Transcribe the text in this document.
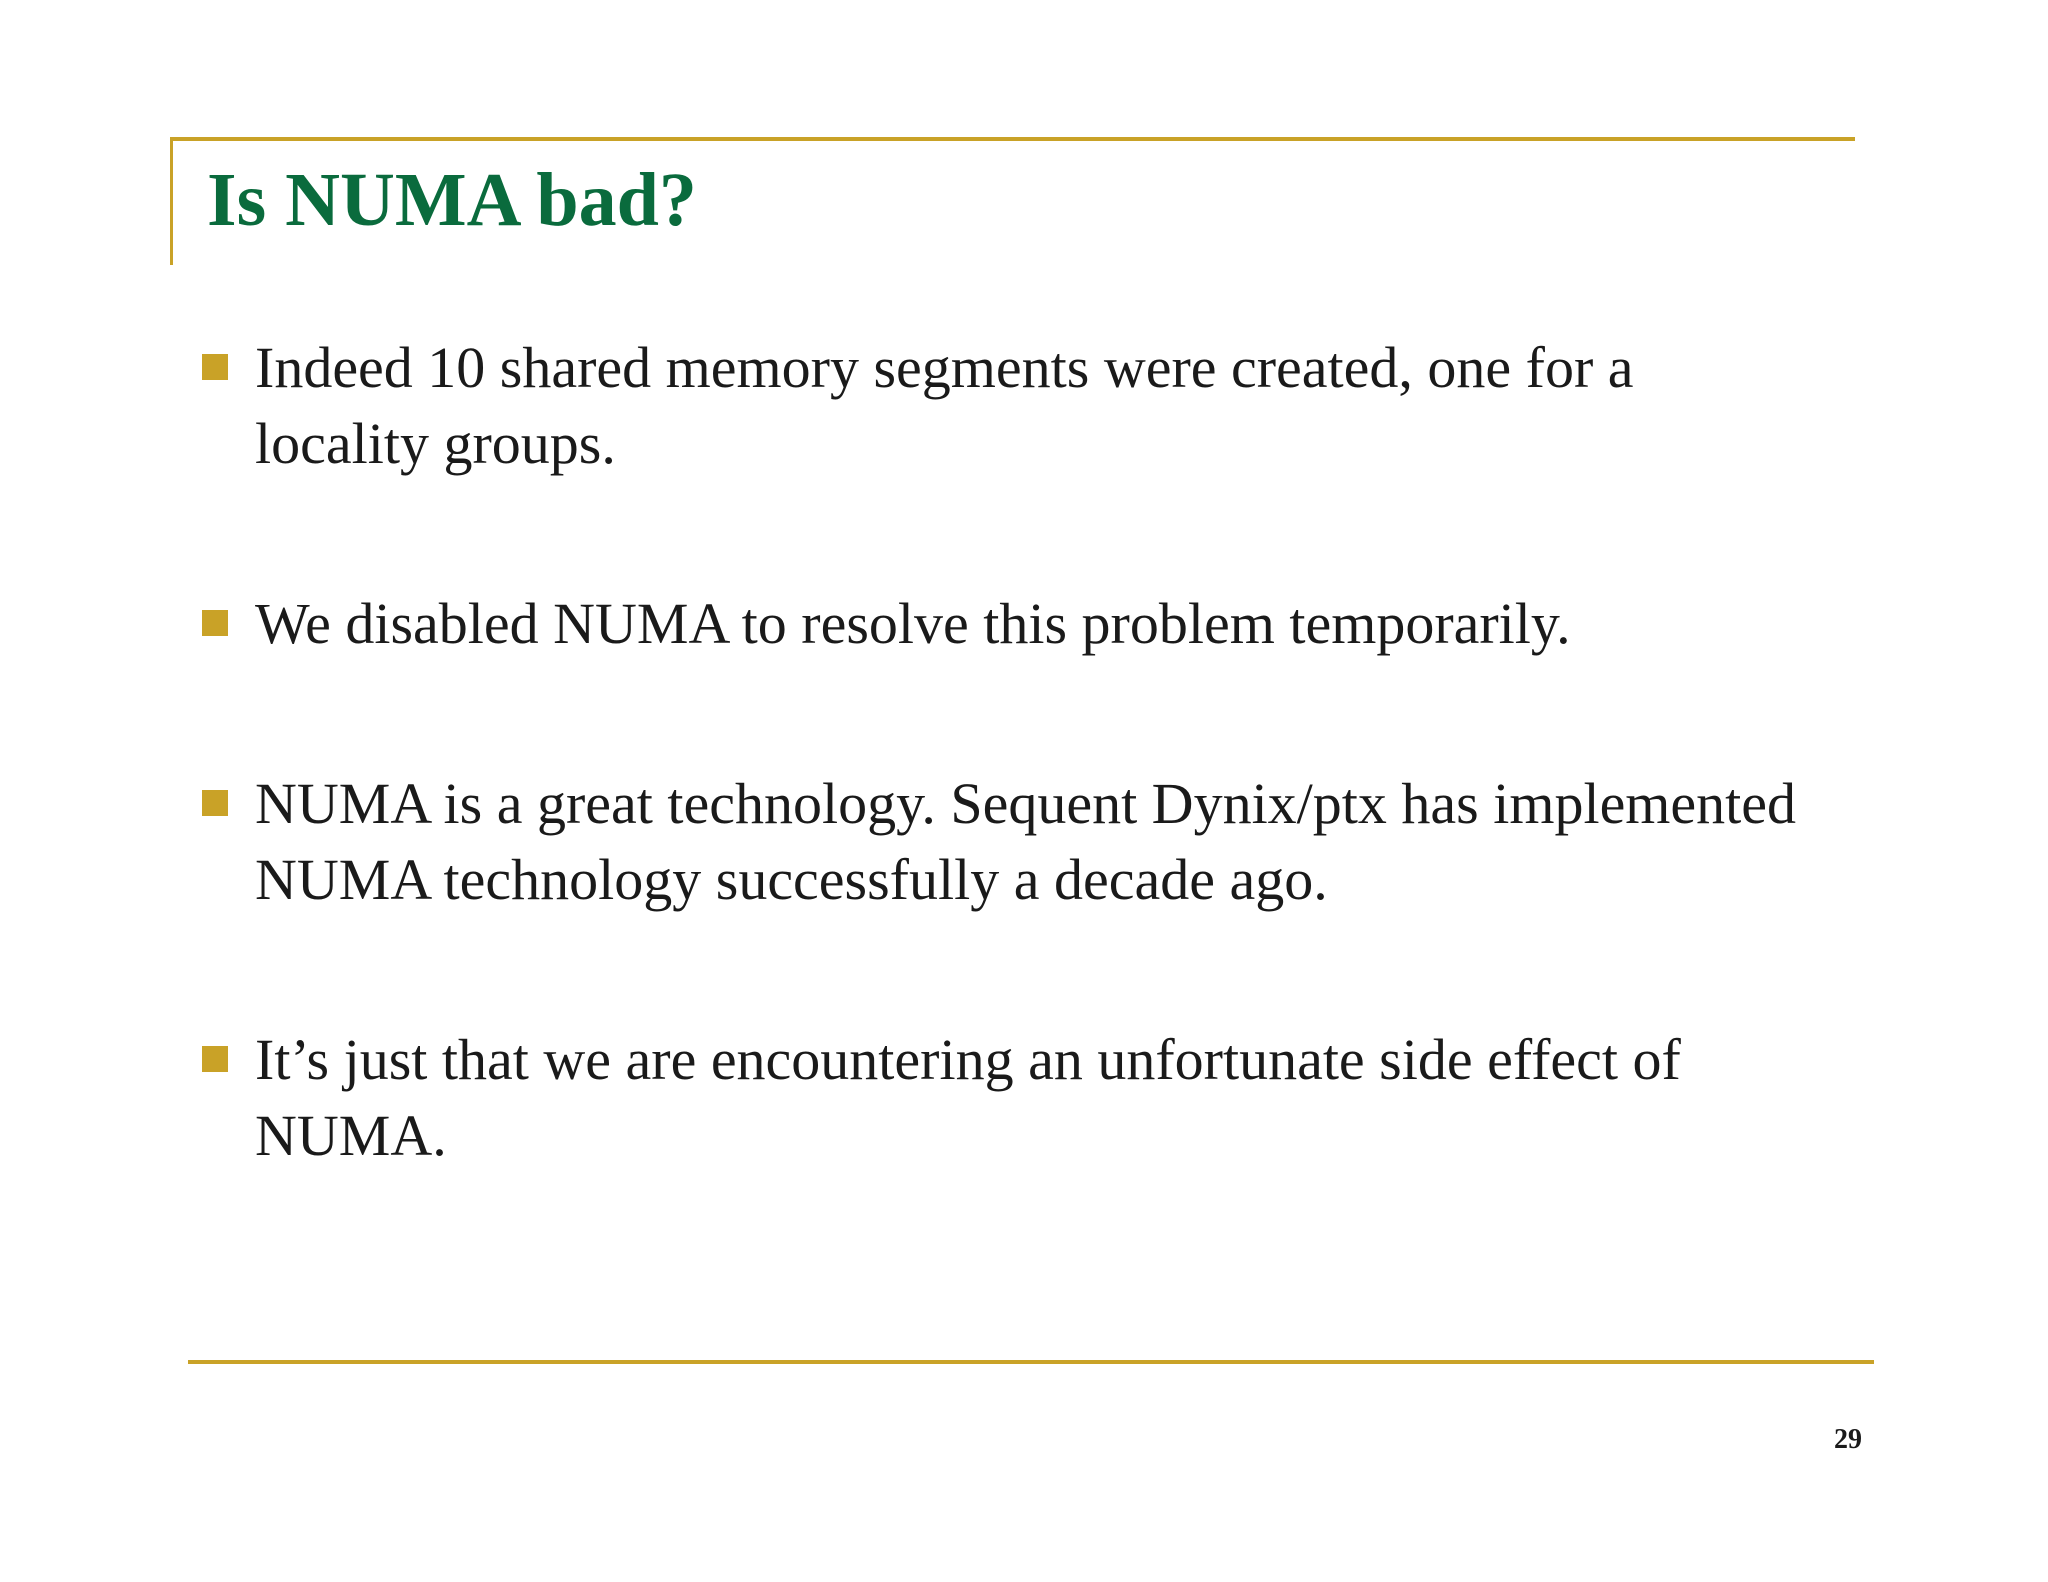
Is NUMA bad?
Indeed 10 shared memory segments were created, one for a locality groups.
We disabled NUMA to resolve this problem temporarily.
NUMA is a great technology. Sequent Dynix/ptx has implemented NUMA technology successfully a decade ago.
It’s just that we are encountering an unfortunate side effect of NUMA.
29
